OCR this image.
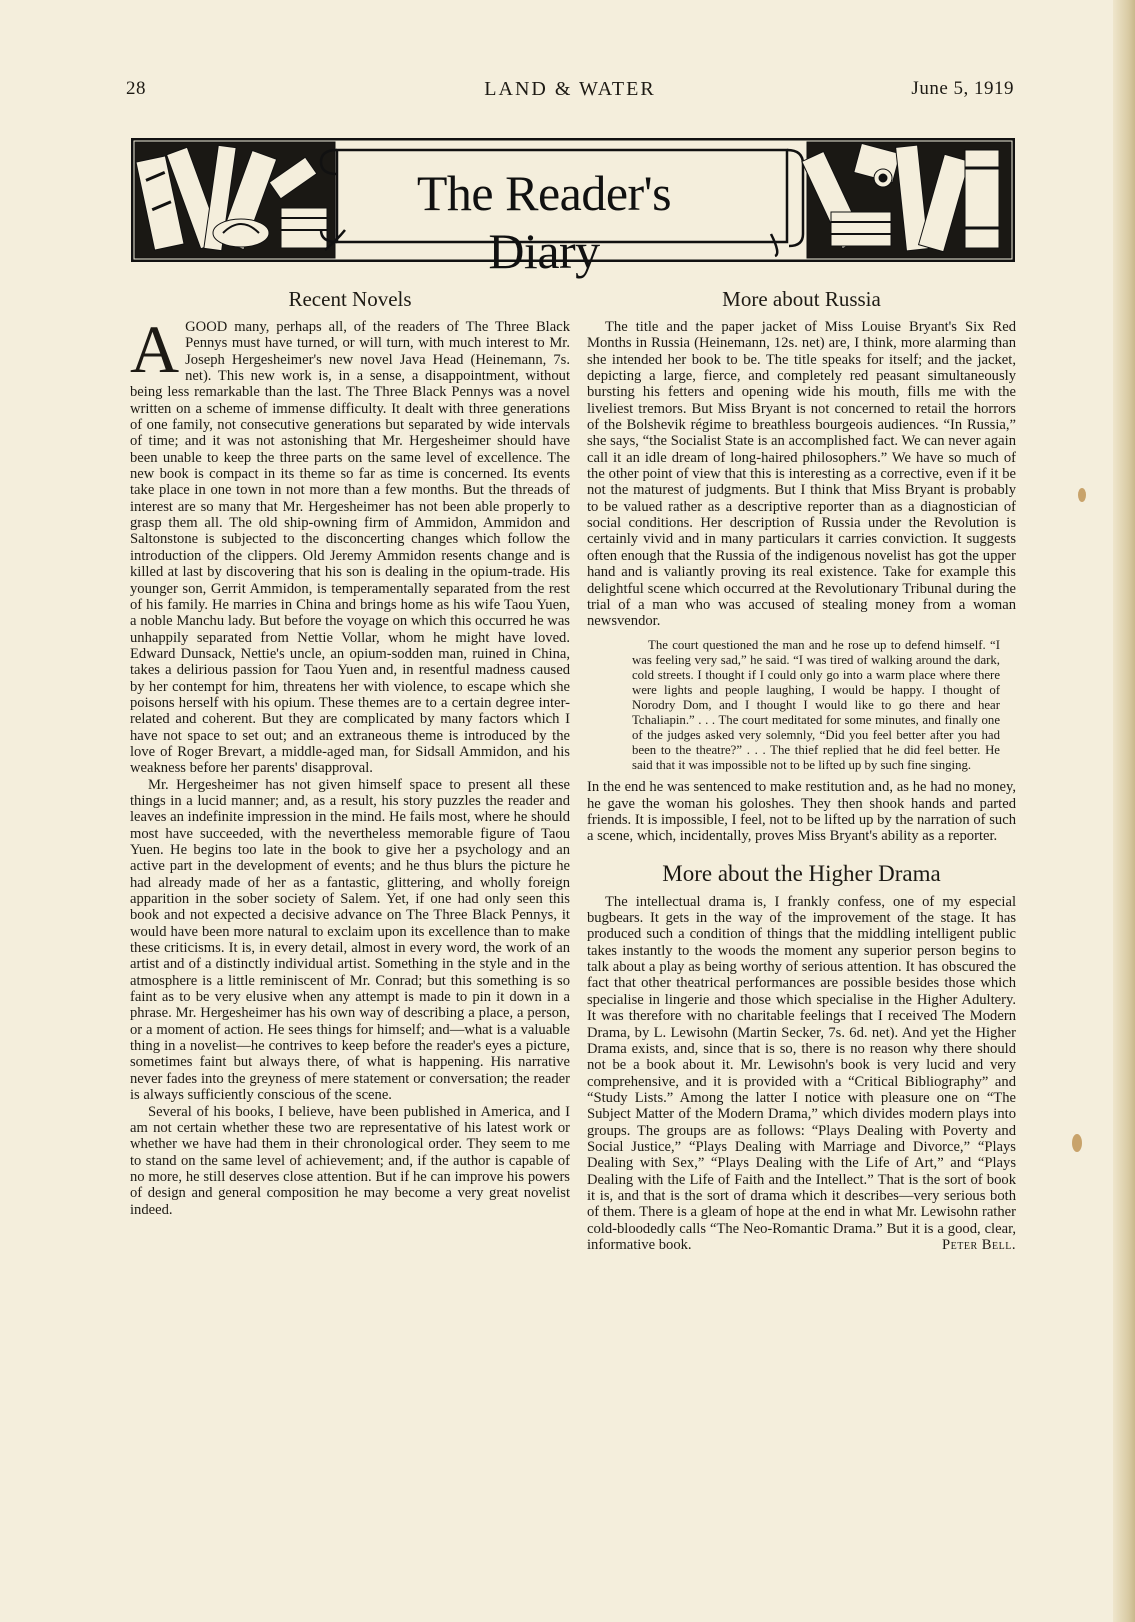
28	LAND & WATER	June 5, 1919
The Reader's Diary
Recent Novels

AGOOD many, perhaps all, of the readers of The Three Black Pennys must have turned, or will turn, with much interest to Mr. Joseph Hergesheimer's new novel Java Head (Heinemann, 7s. net). This new work is, in a sense, a disappointment, without being less remarkable than the last. The Three Black Pennys was a novel written on a scheme of immense difficulty. It dealt with three generations of one family, not consecutive generations but separated by wide intervals of time; and it was not astonishing that Mr. Hergesheimer should have been unable to keep the three parts on the same level of excellence. The new book is compact in its theme so far as time is concerned. Its events take place in one town in not more than a few months. But the threads of interest are so many that Mr. Hergesheimer has not been able properly to grasp them all. The old ship-owning firm of Ammidon, Ammidon and Saltonstone is subjected to the disconcerting changes which follow the introduction of the clippers. Old Jeremy Ammidon resents change and is killed at last by discovering that his son is dealing in the opium-trade. His younger son, Gerrit Ammidon, is temperamentally separated from the rest of his family. He marries in China and brings home as his wife Taou Yuen, a noble Manchu lady. But before the voyage on which this occurred he was unhappily separated from Nettie Vollar, whom he might have loved. Edward Dunsack, Nettie's uncle, an opium-sodden man, ruined in China, takes a delirious passion for Taou Yuen and, in resentful madness caused by her contempt for him, threatens her with violence, to escape which she poisons herself with his opium. These themes are to a certain degree inter-related and coherent. But they are complicated by many factors which I have not space to set out; and an extraneous theme is introduced by the love of Roger Brevart, a middle-aged man, for Sidsall Ammidon, and his weakness before her parents' disapproval.

Mr. Hergesheimer has not given himself space to present all these things in a lucid manner; and, as a result, his story puzzles the reader and leaves an indefinite impression in the mind. He fails most, where he should most have succeeded, with the nevertheless memorable figure of Taou Yuen. He begins too late in the book to give her a psychology and an active part in the development of events; and he thus blurs the picture he had already made of her as a fantastic, glittering, and wholly foreign apparition in the sober society of Salem. Yet, if one had only seen this book and not expected a decisive advance on The Three Black Pennys, it would have been more natural to exclaim upon its excellence than to make these criticisms. It is, in every detail, almost in every word, the work of an artist and of a distinctly individual artist. Something in the style and in the atmosphere is a little reminiscent of Mr. Conrad; but this something is so faint as to be very elusive when any attempt is made to pin it down in a phrase. Mr. Hergesheimer has his own way of describing a place, a person, or a moment of action. He sees things for himself; and—what is a valuable thing in a novelist—he contrives to keep before the reader's eyes a picture, sometimes faint but always there, of what is happening. His narrative never fades into the greyness of mere statement or conversation; the reader is always sufficiently conscious of the scene.

Several of his books, I believe, have been published in America, and I am not certain whether these two are representative of his latest work or whether we have had them in their chronological order. They seem to me to stand on the same level of achievement; and, if the author is capable of no more, he still deserves close attention. But if he can improve his powers of design and general composition he may become a very great novelist indeed.

More about Russia

The title and the paper jacket of Miss Louise Bryant's Six Red Months in Russia (Heinemann, 12s. net) are, I think, more alarming than she intended her book to be. The title speaks for itself; and the jacket, depicting a large, fierce, and completely red peasant simultaneously bursting his fetters and opening wide his mouth, fills me with the liveliest tremors. But Miss Bryant is not concerned to retail the horrors of the Bolshevik régime to breathless bourgeois audiences. “In Russia,” she says, “the Socialist State is an accomplished fact. We can never again call it an idle dream of long-haired philosophers.” We have so much of the other point of view that this is interesting as a corrective, even if it be not the maturest of judgments. But I think that Miss Bryant is probably to be valued rather as a descriptive reporter than as a diagnostician of social conditions. Her description of Russia under the Revolution is certainly vivid and in many particulars it carries conviction. It suggests often enough that the Russia of the indigenous novelist has got the upper hand and is valiantly proving its real existence. Take for example this delightful scene which occurred at the Revolutionary Tribunal during the trial of a man who was accused of stealing money from a woman newsvendor.

The court questioned the man and he rose up to defend himself. “I was feeling very sad,” he said. “I was tired of walking around the dark, cold streets. I thought if I could only go into a warm place where there were lights and people laughing, I would be happy. I thought of Norodry Dom, and I thought I would like to go there and hear Tchaliapin.” . . . The court meditated for some minutes, and finally one of the judges asked very solemnly, “Did you feel better after you had been to the theatre?” . . . The thief replied that he did feel better. He said that it was impossible not to be lifted up by such fine singing.

In the end he was sentenced to make restitution and, as he had no money, he gave the woman his goloshes. They then shook hands and parted friends. It is impossible, I feel, not to be lifted up by the narration of such a scene, which, incidentally, proves Miss Bryant's ability as a reporter.

More about the Higher Drama

The intellectual drama is, I frankly confess, one of my especial bugbears. It gets in the way of the improvement of the stage. It has produced such a condition of things that the middling intelligent public takes instantly to the woods the moment any superior person begins to talk about a play as being worthy of serious attention. It has obscured the fact that other theatrical performances are possible besides those which specialise in lingerie and those which specialise in the Higher Adultery. It was therefore with no charitable feelings that I received The Modern Drama, by L. Lewisohn (Martin Secker, 7s. 6d. net). And yet the Higher Drama exists, and, since that is so, there is no reason why there should not be a book about it. Mr. Lewisohn's book is very lucid and very comprehensive, and it is provided with a “Critical Bibliography” and “Study Lists.” Among the latter I notice with pleasure one on “The Subject Matter of the Modern Drama,” which divides modern plays into groups. The groups are as follows: “Plays Dealing with Poverty and Social Justice,” “Plays Dealing with Marriage and Divorce,” “Plays Dealing with Sex,” “Plays Dealing with the Life of Art,” and “Plays Dealing with the Life of Faith and the Intellect.” That is the sort of book it is, and that is the sort of drama which it describes—very serious both of them. There is a gleam of hope at the end in what Mr. Lewisohn rather cold-bloodedly calls “The Neo-Romantic Drama.” But it is a good, clear, informative book.	Peter Bell.
